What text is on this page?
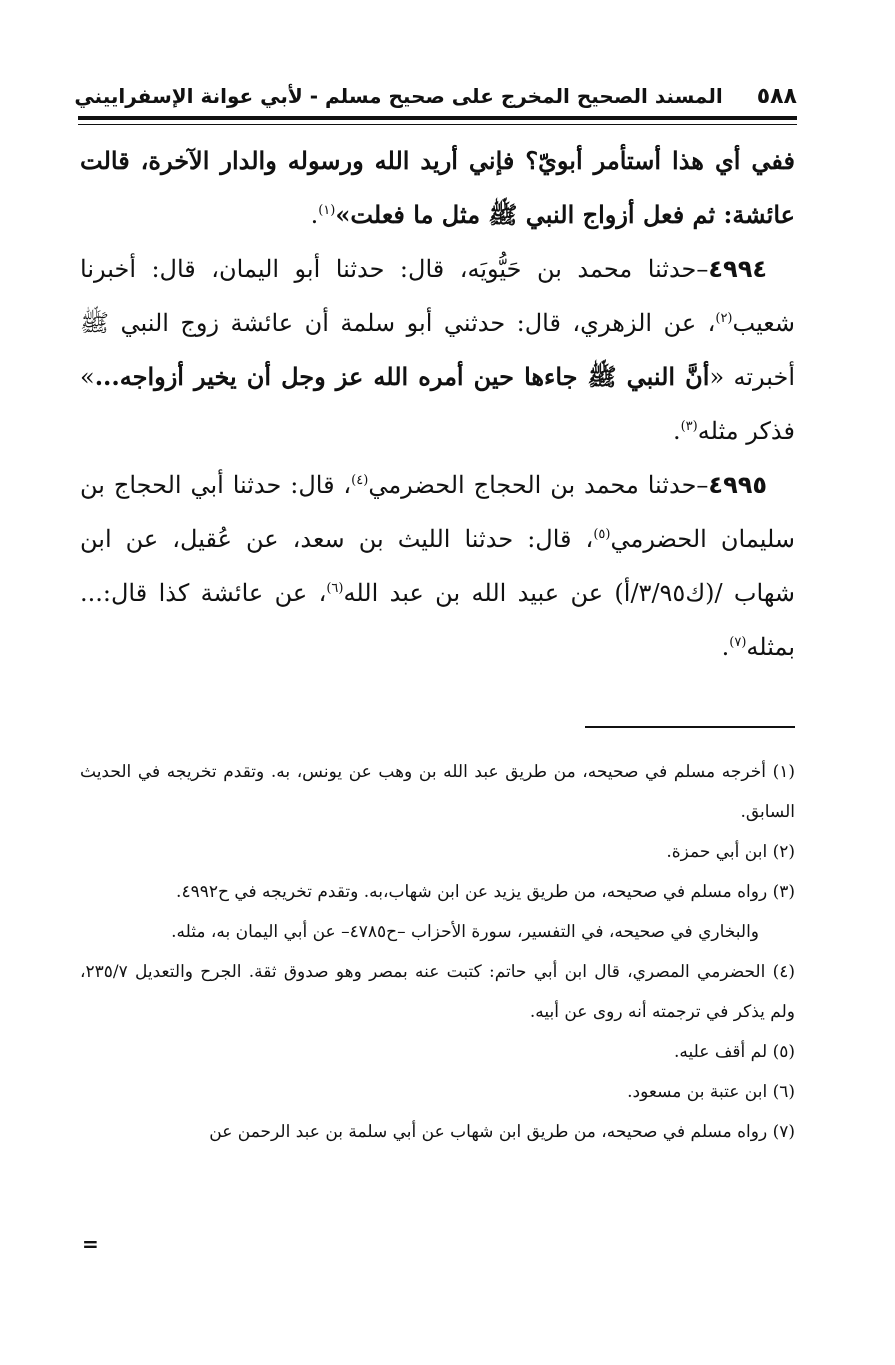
٥٨٨
المسند الصحيح المخرج على صحيح مسلم - لأبي عوانة الإسفراييني

ففي أي هذا أستأمر أبويّ؟ فإني أريد الله ورسوله والدار الآخرة، قالت عائشة: ثم فعل أزواج النبي ﷺ مثل ما فعلت»$^{(١)}$.

٤٩٩٤–حدثنا محمد بن حَيُّويَه، قال: حدثنا أبو اليمان، قال: أخبرنا شعيب$^{(٢)}$، عن الزهري، قال: حدثني أبو سلمة أن عائشة زوج النبي ﷺ أخبرته «أنَّ النبي ﷺ جاءها حين أمره الله عز وجل أن يخير أزواجه...» فذكر مثله$^{(٣)}$.

٤٩٩٥–حدثنا محمد بن الحجاج الحضرمي$^{(٤)}$، قال: حدثنا أبي الحجاج بن سليمان الحضرمي$^{(٥)}$، قال: حدثنا الليث بن سعد، عن عُقيل، عن ابن شهاب /(ك٣/٩٥/أ) عن عبيد الله بن عبد الله$^{(٦)}$، عن عائشة كذا قال:... بمثله$^{(٧)}$.

(١) أخرجه مسلم في صحيحه، من طريق عبد الله بن وهب عن يونس، به. وتقدم تخريجه في الحديث السابق.

(٢) ابن أبي حمزة.

(٣) رواه مسلم في صحيحه، من طريق يزيد عن ابن شهاب،به. وتقدم تخريجه في ح٤٩٩٢.

والبخاري في صحيحه، في التفسير، سورة الأحزاب –ح٤٧٨٥– عن أبي اليمان به، مثله.

(٤) الحضرمي المصري، قال ابن أبي حاتم: كتبت عنه بمصر وهو صدوق ثقة. الجرح والتعديل ٢٣٥/٧، ولم يذكر في ترجمته أنه روى عن أبيه.

(٥) لم أقف عليه.

(٦) ابن عتبة بن مسعود.

(٧) رواه مسلم في صحيحه، من طريق ابن شهاب عن أبي سلمة بن عبد الرحمن عن

=
